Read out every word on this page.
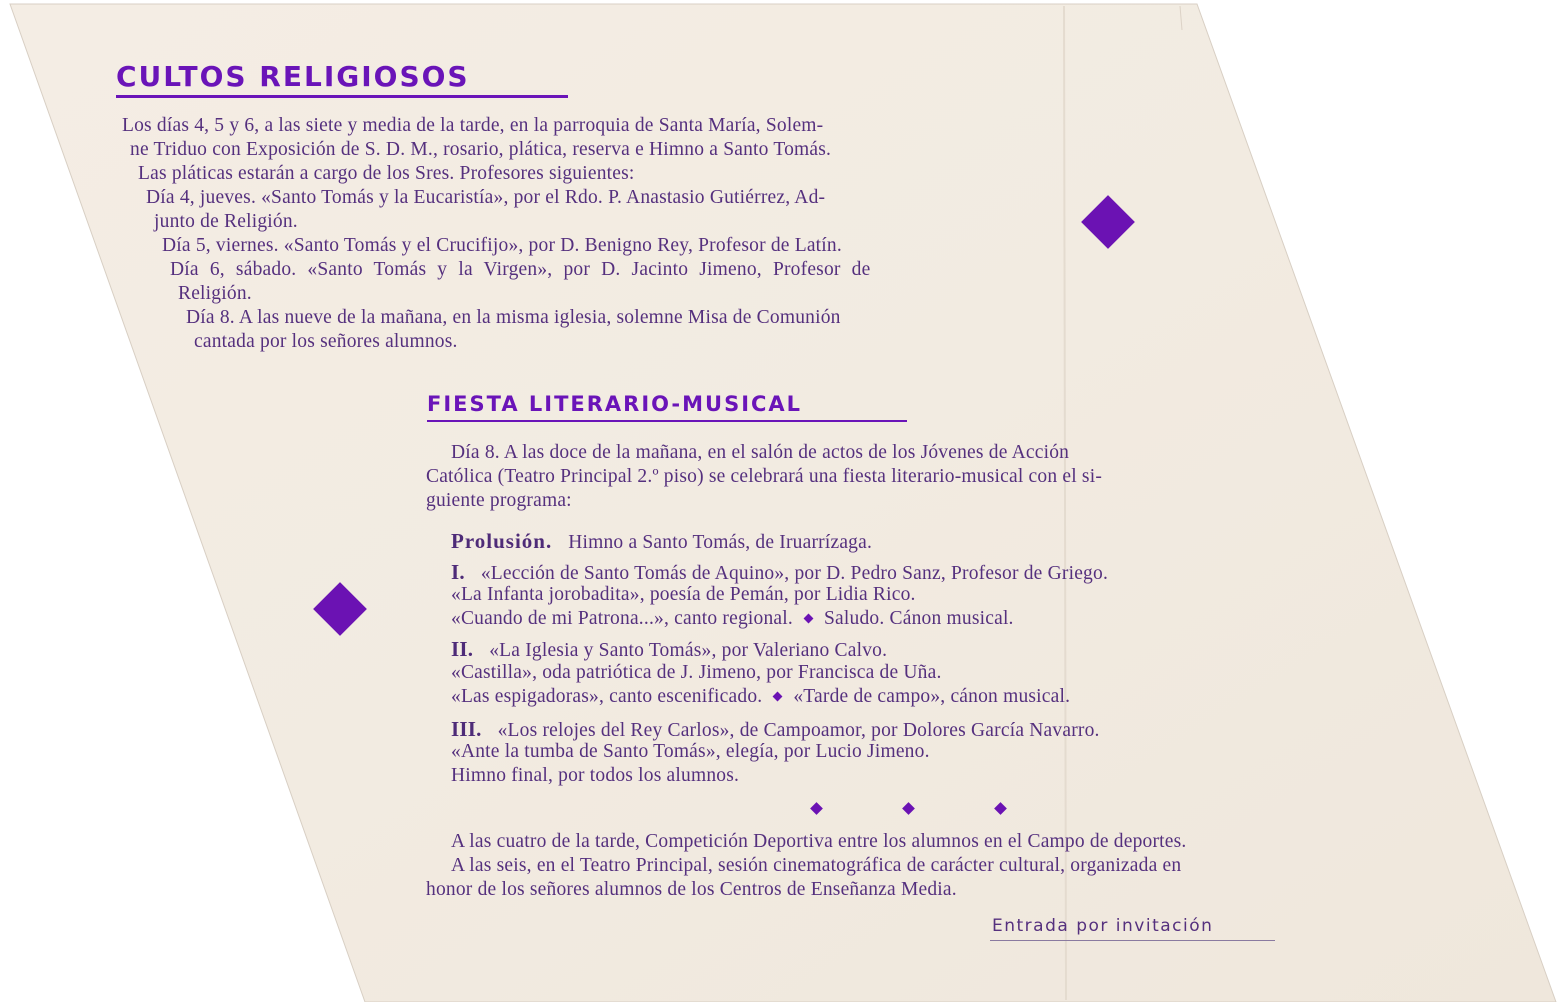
CULTOS RELIGIOSOS
Los días 4, 5 y 6, a las siete y media de la tarde, en la parroquia de Santa María, Solem-
ne Triduo con Exposición de S. D. M., rosario, plática, reserva e Himno a Santo Tomás.
Las pláticas estarán a cargo de los Sres. Profesores siguientes:
Día 4, jueves. «Santo Tomás y la Eucaristía», por el Rdo. P. Anastasio Gutiérrez, Ad-
junto de Religión.
Día 5, viernes. «Santo Tomás y el Crucifijo», por D. Benigno Rey, Profesor de Latín.
Día 6, sábado. «Santo Tomás y la Virgen», por D. Jacinto Jimeno, Profesor de
Religión.
Día 8. A las nueve de la mañana, en la misma iglesia, solemne Misa de Comunión
cantada por los señores alumnos.
FIESTA LITERARIO-MUSICAL
Día 8. A las doce de la mañana, en el salón de actos de los Jóvenes de Acción
Católica (Teatro Principal 2.º piso) se celebrará una fiesta literario-musical con el si-
guiente programa:
Prolusión. Himno a Santo Tomás, de Iruarrízaga.
I. «Lección de Santo Tomás de Aquino», por D. Pedro Sanz, Profesor de Griego.
«La Infanta jorobadita», poesía de Pemán, por Lidia Rico.
«Cuando de mi Patrona...», canto regional. Saludo. Cánon musical.
II. «La Iglesia y Santo Tomás», por Valeriano Calvo.
«Castilla», oda patriótica de J. Jimeno, por Francisca de Uña.
«Las espigadoras», canto escenificado. «Tarde de campo», cánon musical.
III. «Los relojes del Rey Carlos», de Campoamor, por Dolores García Navarro.
«Ante la tumba de Santo Tomás», elegía, por Lucio Jimeno.
Himno final, por todos los alumnos.
A las cuatro de la tarde, Competición Deportiva entre los alumnos en el Campo de deportes.
A las seis, en el Teatro Principal, sesión cinematográfica de carácter cultural, organizada en
honor de los señores alumnos de los Centros de Enseñanza Media.
Entrada por invitación
